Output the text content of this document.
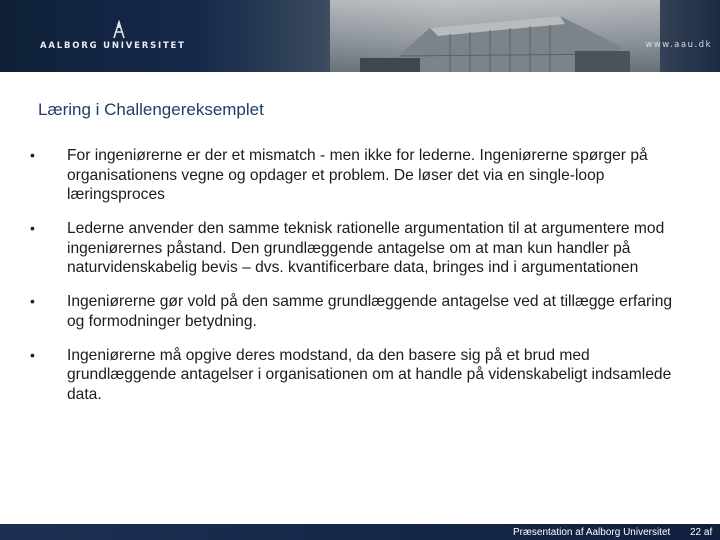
AALBORG UNIVERSITET	www.aau.dk
Læring i Challengereksemplet
• For ingeniørerne er der et mismatch - men ikke for lederne. Ingeniørerne spørger på organisationens vegne og opdager et problem. De løser det via en single-loop læringsproces
• Lederne anvender den samme teknisk rationelle argumentation til at argumentere mod ingeniørernes påstand. Den grundlæggende antagelse om at man kun handler på naturvidenskabelig bevis – dvs. kvantificerbare data, bringes ind i argumentationen
• Ingeniørerne gør vold på den samme grundlæggende antagelse ved at tillægge erfaring og formodninger betydning.
• Ingeniørerne må opgive deres modstand, da den basere sig på et brud med grundlæggende antagelser i organisationen om at handle på videnskabeligt indsamlede data.
Præsentation af Aalborg Universitet 22 af
